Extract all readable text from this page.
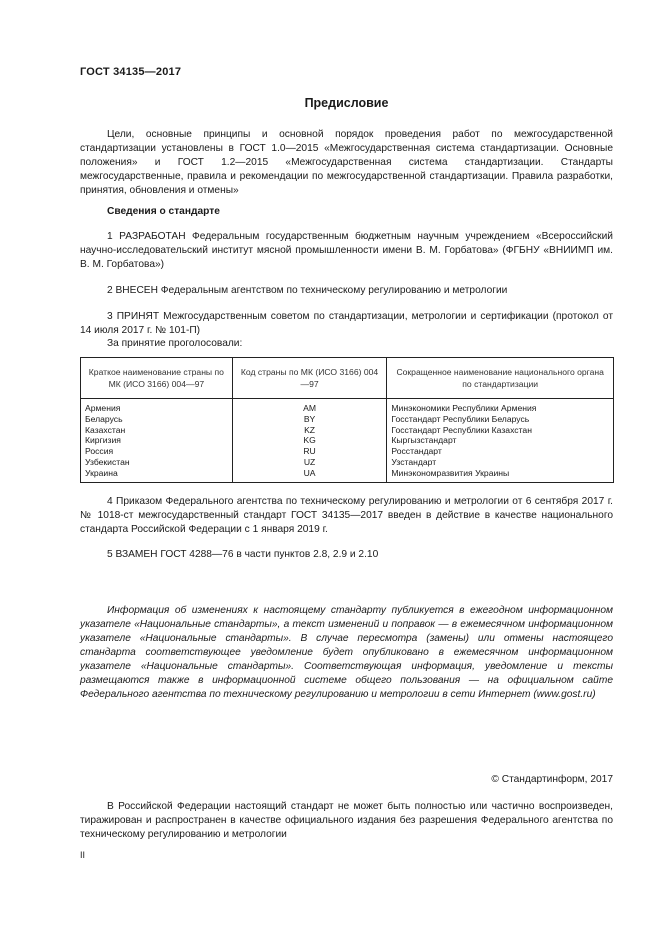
ГОСТ 34135—2017
Предисловие

Цели, основные принципы и основной порядок проведения работ по межгосударственной стандартизации установлены в ГОСТ 1.0—2015 «Межгосударственная система стандартизации. Основные положения» и ГОСТ 1.2—2015 «Межгосударственная система стандартизации. Стандарты межгосударственные, правила и рекомендации по межгосударственной стандартизации. Правила разработки, принятия, обновления и отмены»

Сведения о стандарте

1 РАЗРАБОТАН Федеральным государственным бюджетным научным учреждением «Всероссийский научно-исследовательский институт мясной промышленности имени В. М. Горбатова» (ФГБНУ «ВНИИМП им. В. М. Горбатова»)

2 ВНЕСЕН Федеральным агентством по техническому регулированию и метрологии

3 ПРИНЯТ Межгосударственным советом по стандартизации, метрологии и сертификации (протокол от 14 июля 2017 г. № 101-П)

За принятие проголосовали:
Краткое наименование страны по МК (ИСО 3166) 004—97	Код страны по МК (ИСО 3166) 004—97	Сокращенное наименование национального органа по стандартизации
Армения	AM	Минэкономики Республики Армения
Беларусь	BY	Госстандарт Республики Беларусь
Казахстан	KZ	Госстандарт Республики Казахстан
Киргизия	KG	Кыргызстандарт
Россия	RU	Росстандарт
Узбекистан	UZ	Узстандарт
Украина	UA	Минэкономразвития Украины

4 Приказом Федерального агентства по техническому регулированию и метрологии от 6 сентября 2017 г. № 1018-ст межгосударственный стандарт ГОСТ 34135—2017 введен в действие в качестве национального стандарта Российской Федерации с 1 января 2019 г.

5 ВЗАМЕН ГОСТ 4288—76 в части пунктов 2.8, 2.9 и 2.10

Информация об изменениях к настоящему стандарту публикуется в ежегодном информационном указателе «Национальные стандарты», а текст изменений и поправок — в ежемесячном информационном указателе «Национальные стандарты». В случае пересмотра (замены) или отмены настоящего стандарта соответствующее уведомление будет опубликовано в ежемесячном информационном указателе «Национальные стандарты». Соответствующая информация, уведомление и тексты размещаются также в информационной системе общего пользования — на официальном сайте Федерального агентства по техническому регулированию и метрологии в сети Интернет (www.gost.ru)

© Стандартинформ, 2017

В Российской Федерации настоящий стандарт не может быть полностью или частично воспроизведен, тиражирован и распространен в качестве официального издания без разрешения Федерального агентства по техническому регулированию и метрологии

II
